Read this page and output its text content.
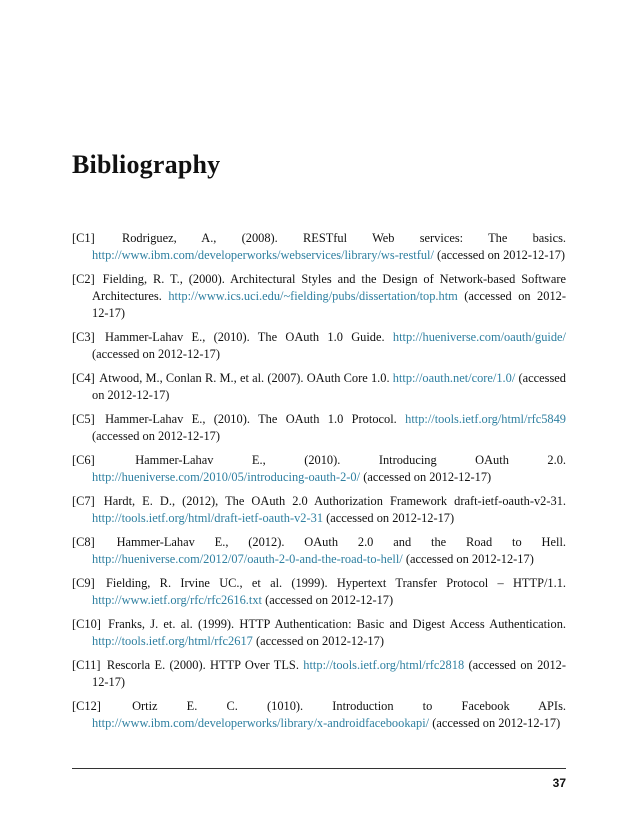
Bibliography

[C1] Rodriguez, A., (2008). RESTful Web services: The basics. http://www.ibm.com/developerworks/webservices/library/ws-restful/ (accessed on 2012-12-17)

[C2] Fielding, R. T., (2000). Architectural Styles and the Design of Network-based Software Architectures. http://www.ics.uci.edu/~fielding/pubs/dissertation/top.htm (accessed on 2012-12-17)

[C3] Hammer-Lahav E., (2010). The OAuth 1.0 Guide. http://hueniverse.com/oauth/guide/ (accessed on 2012-12-17)

[C4] Atwood, M., Conlan R. M., et al. (2007). OAuth Core 1.0. http://oauth.net/core/1.0/ (accessed on 2012-12-17)

[C5] Hammer-Lahav E., (2010). The OAuth 1.0 Protocol. http://tools.ietf.org/html/rfc5849 (accessed on 2012-12-17)

[C6]	Hammer-Lahav E., (2010). Introducing OAuth 2.0. http://hueniverse.com/2010/05/introducing-oauth-2-0/ (accessed on 2012-12-17)

[C7] Hardt, E. D., (2012), The OAuth 2.0 Authorization Framework draft-ietf-oauth-v2-31. http://tools.ietf.org/html/draft-ietf-oauth-v2-31 (accessed on 2012-12-17)

[C8] Hammer-Lahav E., (2012). OAuth 2.0 and the Road to Hell. http://hueniverse.com/2012/07/oauth-2-0-and-the-road-to-hell/ (accessed on 2012-12-17)

[C9] Fielding, R. Irvine UC., et al. (1999). Hypertext Transfer Protocol – HTTP/1.1. http://www.ietf.org/rfc/rfc2616.txt (accessed on 2012-12-17)

[C10] Franks, J. et. al. (1999). HTTP Authentication: Basic and Digest Access Authentication. http://tools.ietf.org/html/rfc2617 (accessed on 2012-12-17)

[C11] Rescorla E. (2000). HTTP Over TLS. http://tools.ietf.org/html/rfc2818 (accessed on 2012-12-17)

[C12]	Ortiz E. C. (1010). Introduction to Facebook APIs. http://www.ibm.com/developerworks/library/x-androidfacebookapi/ (accessed on 2012-12-17)

37
